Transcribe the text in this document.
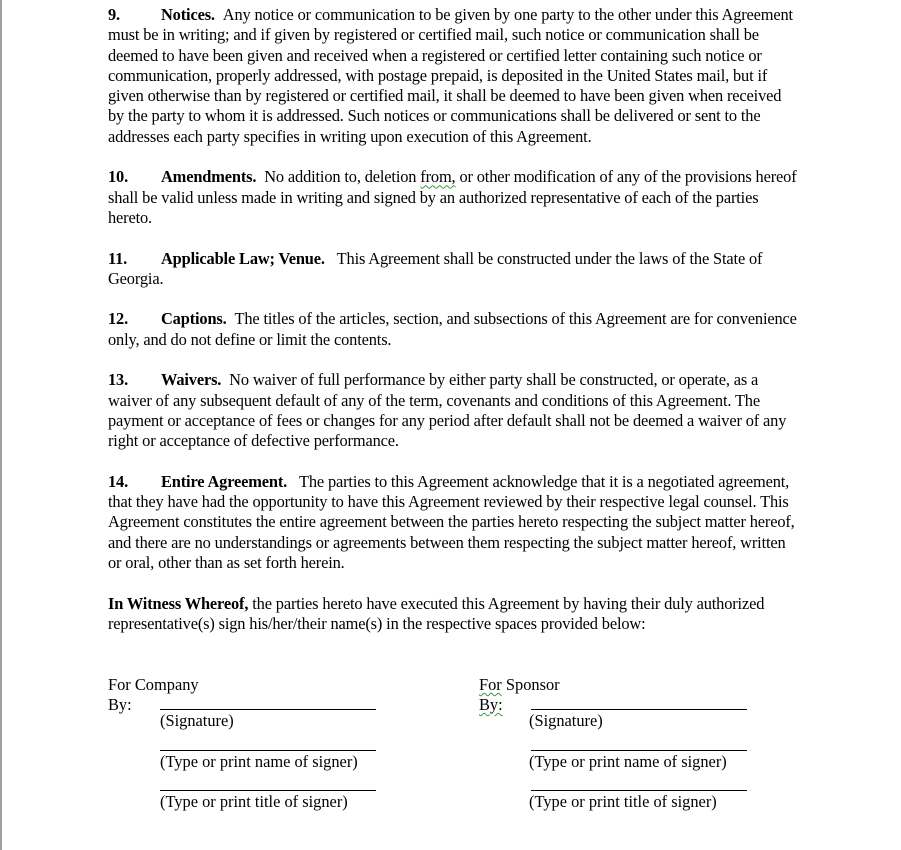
9.	Notices. Any notice or communication to be given by one party to the other under this Agreement must be in writing; and if given by registered or certified mail, such notice or communication shall be deemed to have been given and received when a registered or certified letter containing such notice or communication, properly addressed, with postage prepaid, is deposited in the United States mail, but if given otherwise than by registered or certified mail, it shall be deemed to have been given when received by the party to whom it is addressed. Such notices or communications shall be delivered or sent to the addresses each party specifies in writing upon execution of this Agreement.

10. Amendments. No addition to, deletion from, or other modification of any of the provisions hereof shall be valid unless made in writing and signed by an authorized representative of each of the parties hereto.

11. Applicable Law; Venue. This Agreement shall be constructed under the laws of the State of Georgia.

12. Captions. The titles of the articles, section, and subsections of this Agreement are for convenience only, and do not define or limit the contents.

13. Waivers. No waiver of full performance by either party shall be constructed, or operate, as a waiver of any subsequent default of any of the term, covenants and conditions of this Agreement. The payment or acceptance of fees or changes for any period after default shall not be deemed a waiver of any right or acceptance of defective performance.

14. Entire Agreement. The parties to this Agreement acknowledge that it is a negotiated agreement, that they have had the opportunity to have this Agreement reviewed by their respective legal counsel. This Agreement constitutes the entire agreement between the parties hereto respecting the subject matter hereof, and there are no understandings or agreements between them respecting the subject matter hereof, written or oral, other than as set forth herein.

In Witness Whereof, the parties hereto have executed this Agreement by having their duly authorized representative(s) sign his/her/their name(s) in the respective spaces provided below:

For Company
By:
(Signature)
(Type or print name of signer)
(Type or print title of signer)
For Sponsor
By:
(Signature)
(Type or print name of signer)
(Type or print title of signer)
